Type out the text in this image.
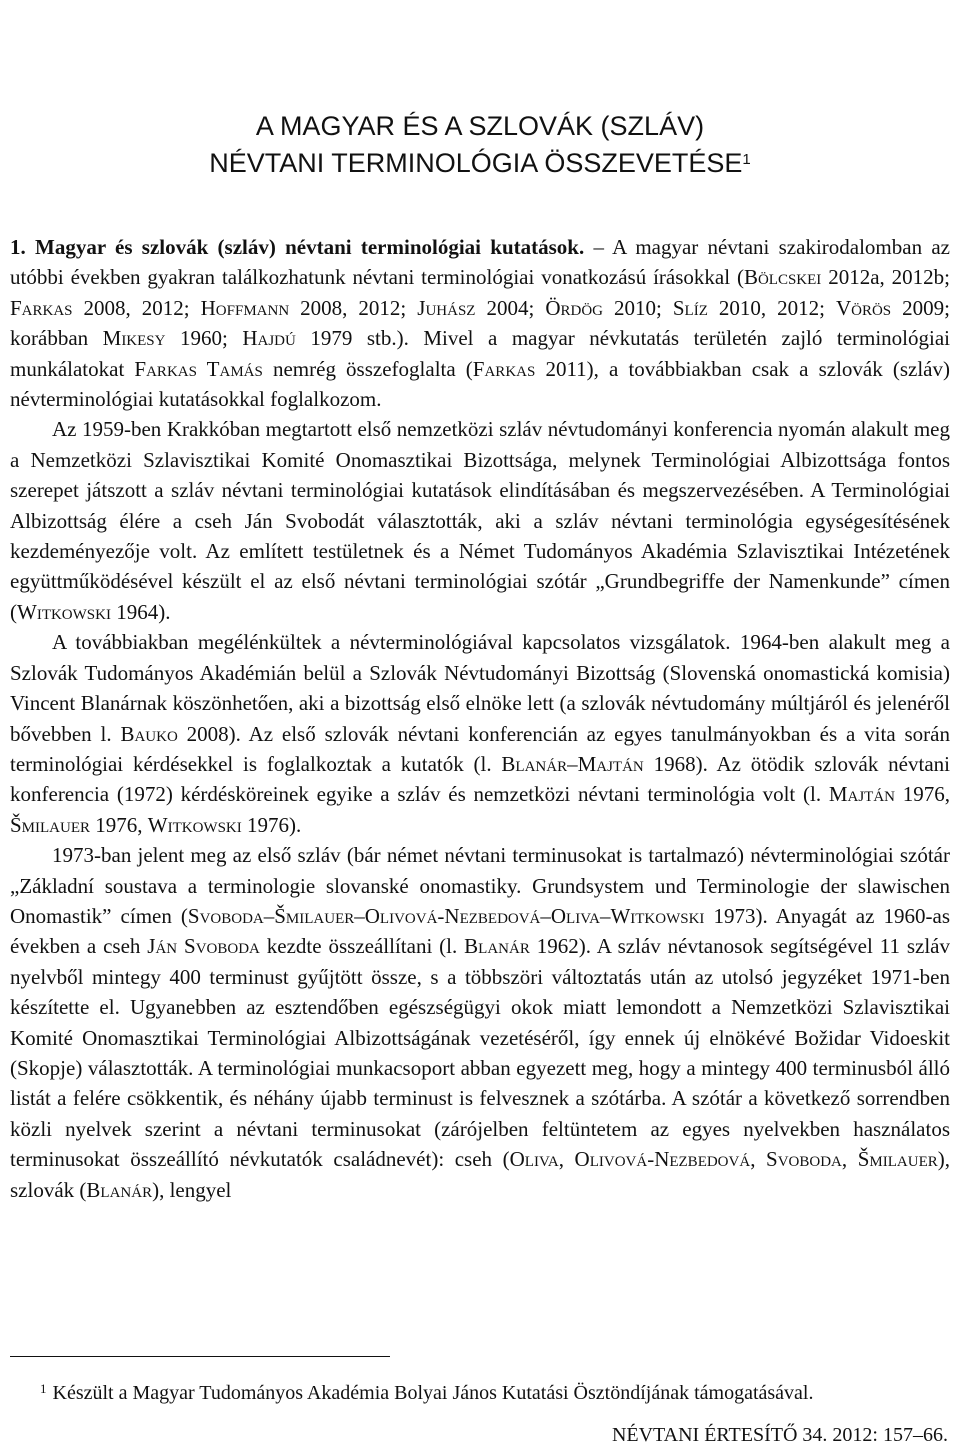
A MAGYAR ÉS A SZLOVÁK (SZLÁV)
NÉVTANI TERMINOLÓGIA ÖSSZEVETÉSE$^1$

1. Magyar és szlovák (szláv) névtani terminológiai kutatások. – A magyar névtani szakirodalomban az utóbbi években gyakran találkozhatunk névtani terminológiai vonatkozású írásokkal (Bölcskei 2012a, 2012b; Farkas 2008, 2012; Hoffmann 2008, 2012; Juhász 2004; Ördög 2010; Slíz 2010, 2012; Vörös 2009; korábban Mikesy 1960; Hajdú 1979 stb.). Mivel a magyar névkutatás területén zajló terminológiai munkálatokat Farkas Tamás nemrég összefoglalta (Farkas 2011), a továbbiakban csak a szlovák (szláv) névterminológiai kutatásokkal foglalkozom.

Az 1959-ben Krakkóban megtartott első nemzetközi szláv névtudományi konferencia nyomán alakult meg a Nemzetközi Szlavisztikai Komité Onomasztikai Bizottsága, melynek Terminológiai Albizottsága fontos szerepet játszott a szláv névtani terminológiai kutatások elindításában és megszervezésében. A Terminológiai Albizottság élére a cseh Ján Svobodát választották, aki a szláv névtani terminológia egységesítésének kezdeményezője volt. Az említett testületnek és a Német Tudományos Akadémia Szlavisztikai Intézetének együttműködésével készült el az első névtani terminológiai szótár „Grundbegriffe der Namenkunde” címen (Witkowski 1964).

A továbbiakban megélénkültek a névterminológiával kapcsolatos vizsgálatok. 1964-ben alakult meg a Szlovák Tudományos Akadémián belül a Szlovák Névtudományi Bizottság (Slovenská onomastická komisia) Vincent Blanárnak köszönhetően, aki a bizottság első elnöke lett (a szlovák névtudomány múltjáról és jelenéről bővebben l. Bauko 2008). Az első szlovák névtani konferencián az egyes tanulmányokban és a vita során terminológiai kérdésekkel is foglalkoztak a kutatók (l. Blanár–Majtán 1968). Az ötödik szlovák névtani konferencia (1972) kérdésköreinek egyike a szláv és nemzetközi névtani terminológia volt (l. Majtán 1976, Šmilauer 1976, Witkowski 1976).

1973-ban jelent meg az első szláv (bár német névtani terminusokat is tartalmazó) névterminológiai szótár „Základní soustava a terminologie slovanské onomastiky. Grundsystem und Terminologie der slawischen Onomastik” címen (Svoboda–Šmilauer–Olivová-Nezbedová–Oliva–Witkowski 1973). Anyagát az 1960-as években a cseh Ján Svoboda kezdte összeállítani (l. Blanár 1962). A szláv névtanosok segítségével 11 szláv nyelvből mintegy 400 terminust gyűjtött össze, s a többszöri változtatás után az utolsó jegyzéket 1971-ben készítette el. Ugyanebben az esztendőben egészségügyi okok miatt lemondott a Nemzetközi Szlavisztikai Komité Onomasztikai Terminológiai Albizottságának vezetéséről, így ennek új elnökévé Božidar Vidoeskit (Skopje) választották. A terminológiai munkacsoport abban egyezett meg, hogy a mintegy 400 terminusból álló listát a felére csökkentik, és néhány újabb terminust is felvesznek a szótárba. A szótár a következő sorrendben közli nyelvek szerint a névtani terminusokat (zárójelben feltüntetem az egyes nyelvekben használatos terminusokat összeállító névkutatók családnevét): cseh (Oliva, Olivová-Nezbedová, Svoboda, Šmilauer), szlovák (Blanár), lengyel

$^1$ Készült a Magyar Tudományos Akadémia Bolyai János Kutatási Ösztöndíjának támogatásával.
NÉVTANI ÉRTESÍTŐ 34. 2012: 157–66.
